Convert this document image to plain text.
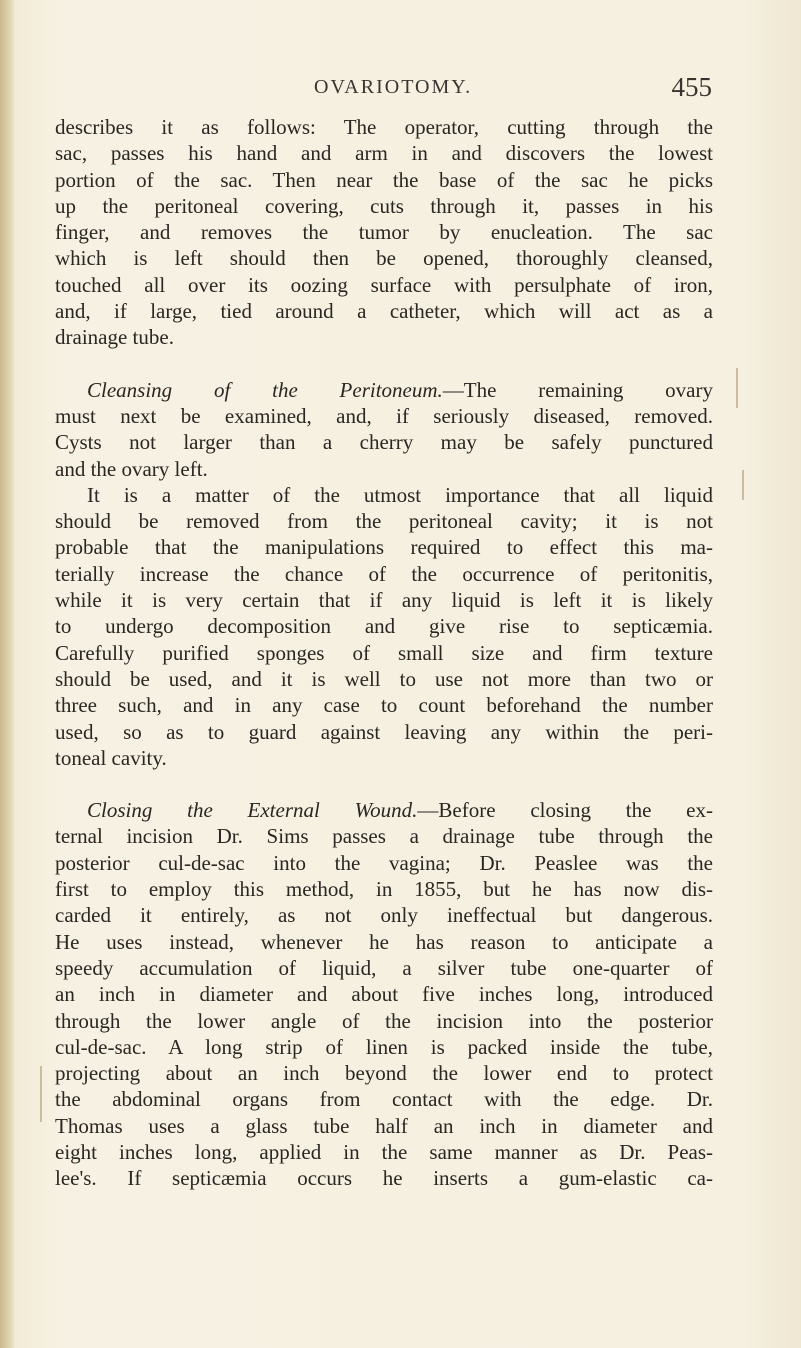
OVARIOTOMY.	455
describes it as follows: The operator, cutting through the
sac, passes his hand and arm in and discovers the lowest
portion of the sac. Then near the base of the sac he picks
up the peritoneal covering, cuts through it, passes in his
finger, and removes the tumor by enucleation. The sac
which is left should then be opened, thoroughly cleansed,
touched all over its oozing surface with persulphate of iron,
and, if large, tied around a catheter, which will act as a
drainage tube.
Cleansing of the Peritoneum.—The remaining ovary
must next be examined, and, if seriously diseased, removed.
Cysts not larger than a cherry may be safely punctured
and the ovary left.
It is a matter of the utmost importance that all liquid
should be removed from the peritoneal cavity; it is not
probable that the manipulations required to effect this ma-
terially increase the chance of the occurrence of peritonitis,
while it is very certain that if any liquid is left it is likely
to undergo decomposition and give rise to septicæmia.
Carefully purified sponges of small size and firm texture
should be used, and it is well to use not more than two or
three such, and in any case to count beforehand the number
used, so as to guard against leaving any within the peri-
toneal cavity.
Closing the External Wound.—Before closing the ex-
ternal incision Dr. Sims passes a drainage tube through the
posterior cul-de-sac into the vagina; Dr. Peaslee was the
first to employ this method, in 1855, but he has now dis-
carded it entirely, as not only ineffectual but dangerous.
He uses instead, whenever he has reason to anticipate a
speedy accumulation of liquid, a silver tube one-quarter of
an inch in diameter and about five inches long, introduced
through the lower angle of the incision into the posterior
cul-de-sac. A long strip of linen is packed inside the tube,
projecting about an inch beyond the lower end to protect
the abdominal organs from contact with the edge. Dr.
Thomas uses a glass tube half an inch in diameter and
eight inches long, applied in the same manner as Dr. Peas-
lee's. If septicæmia occurs he inserts a gum-elastic ca-
